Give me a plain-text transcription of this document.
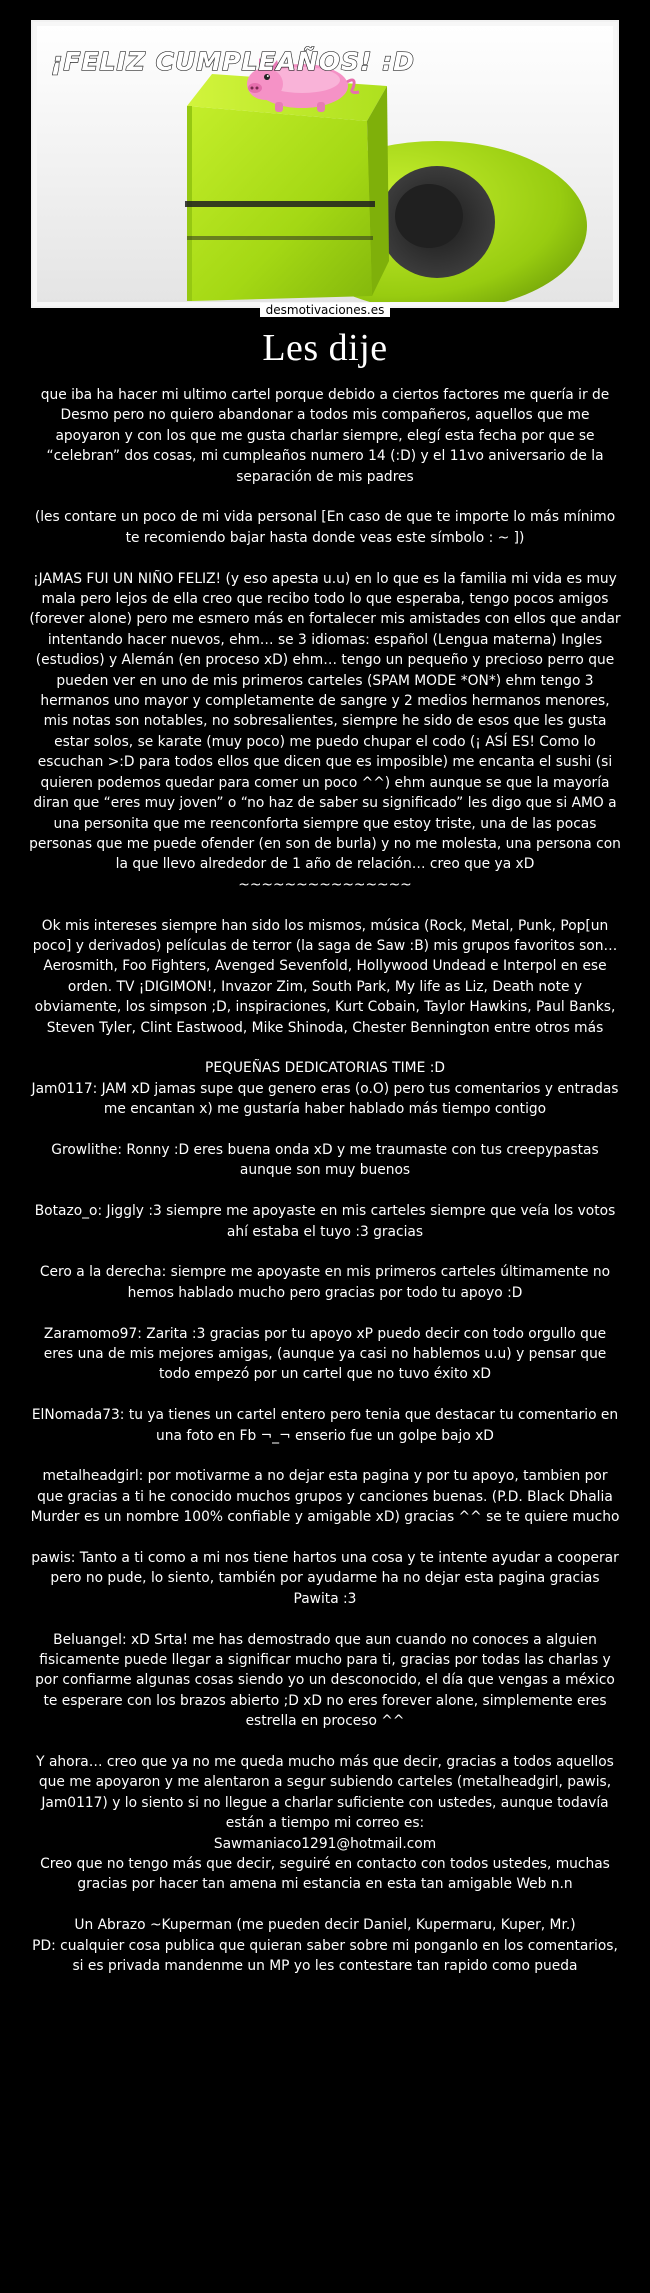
¡FELIZ CUMPLEAÑOS! :D
desmotivaciones.es
Les dije
que iba ha hacer mi ultimo cartel porque debido a ciertos factores me quería ir de Desmo pero no quiero abandonar a todos mis compañeros, aquellos que me apoyaron y con los que me gusta charlar siempre, elegí esta fecha por que se “celebran” dos cosas, mi cumpleaños numero 14 (:D) y el 11vo aniversario de la separación de mis padres
(les contare un poco de mi vida personal [En caso de que te importe lo más mínimo te recomiendo bajar hasta donde veas este símbolo : ~ ])
¡JAMAS FUI UN NIÑO FELIZ! (y eso apesta u.u) en lo que es la familia mi vida es muy mala pero lejos de ella creo que recibo todo lo que esperaba, tengo pocos amigos (forever alone) pero me esmero más en fortalecer mis amistades con ellos que andar intentando hacer nuevos, ehm… se 3 idiomas: español (Lengua materna) Ingles (estudios) y Alemán (en proceso xD) ehm… tengo un pequeño y precioso perro que pueden ver en uno de mis primeros carteles (SPAM MODE *ON*) ehm tengo 3 hermanos uno mayor y completamente de sangre y 2 medios hermanos menores, mis notas son notables, no sobresalientes, siempre he sido de esos que les gusta estar solos, se karate (muy poco) me puedo chupar el codo (¡ ASÍ ES! Como lo escuchan >:D para todos ellos que dicen que es imposible) me encanta el sushi (si quieren podemos quedar para comer un poco ^^) ehm aunque se que la mayoría diran que “eres muy joven” o “no haz de saber su significado” les digo que si AMO a una personita que me reenconforta siempre que estoy triste, una de las pocas personas que me puede ofender (en son de burla) y no me molesta, una persona con la que llevo alrededor de 1 año de relación… creo que ya xD ~~~~~~~~~~~~~~~
Ok mis intereses siempre han sido los mismos, música (Rock, Metal, Punk, Pop[un poco] y derivados) películas de terror (la saga de Saw :B) mis grupos favoritos son… Aerosmith, Foo Fighters, Avenged Sevenfold, Hollywood Undead e Interpol en ese orden. TV ¡DIGIMON!, Invazor Zim, South Park, My life as Liz, Death note y obviamente, los simpson ;D, inspiraciones, Kurt Cobain, Taylor Hawkins, Paul Banks, Steven Tyler, Clint Eastwood, Mike Shinoda, Chester Bennington entre otros más
PEQUEÑAS DEDICATORIAS TIME :D
Jam0117: JAM xD jamas supe que genero eras (o.O) pero tus comentarios y entradas me encantan x) me gustaría haber hablado más tiempo contigo
Growlithe: Ronny :D eres buena onda xD y me traumaste con tus creepypastas aunque son muy buenos
Botazo_o: Jiggly :3 siempre me apoyaste en mis carteles siempre que veía los votos ahí estaba el tuyo :3 gracias
Cero a la derecha: siempre me apoyaste en mis primeros carteles últimamente no hemos hablado mucho pero gracias por todo tu apoyo :D
Zaramomo97: Zarita :3 gracias por tu apoyo xP puedo decir con todo orgullo que eres una de mis mejores amigas, (aunque ya casi no hablemos u.u) y pensar que todo empezó por un cartel que no tuvo éxito xD
ElNomada73: tu ya tienes un cartel entero pero tenia que destacar tu comentario en una foto en Fb ¬_¬ enserio fue un golpe bajo xD
metalheadgirl: por motivarme a no dejar esta pagina y por tu apoyo, tambien por que gracias a ti he conocido muchos grupos y canciones buenas. (P.D. Black Dhalia Murder es un nombre 100% confiable y amigable xD) gracias ^^ se te quiere mucho
pawis: Tanto a ti como a mi nos tiene hartos una cosa y te intente ayudar a cooperar pero no pude, lo siento, también por ayudarme ha no dejar esta pagina gracias Pawita :3
Beluangel: xD Srta! me has demostrado que aun cuando no conoces a alguien fisicamente puede llegar a significar mucho para ti, gracias por todas las charlas y por confiarme algunas cosas siendo yo un desconocido, el día que vengas a méxico te esperare con los brazos abierto ;D xD no eres forever alone, simplemente eres estrella en proceso ^^
Y ahora… creo que ya no me queda mucho más que decir, gracias a todos aquellos que me apoyaron y me alentaron a segur subiendo carteles (metalheadgirl, pawis, Jam0117) y lo siento si no llegue a charlar suficiente con ustedes, aunque todavía están a tiempo mi correo es:
Sawmaniaco1291@hotmail.com
Creo que no tengo más que decir, seguiré en contacto con todos ustedes, muchas gracias por hacer tan amena mi estancia en esta tan amigable Web n.n
Un Abrazo ~Kuperman (me pueden decir Daniel, Kupermaru, Kuper, Mr.)
PD: cualquier cosa publica que quieran saber sobre mi ponganlo en los comentarios, si es privada mandenme un MP yo les contestare tan rapido como pueda
